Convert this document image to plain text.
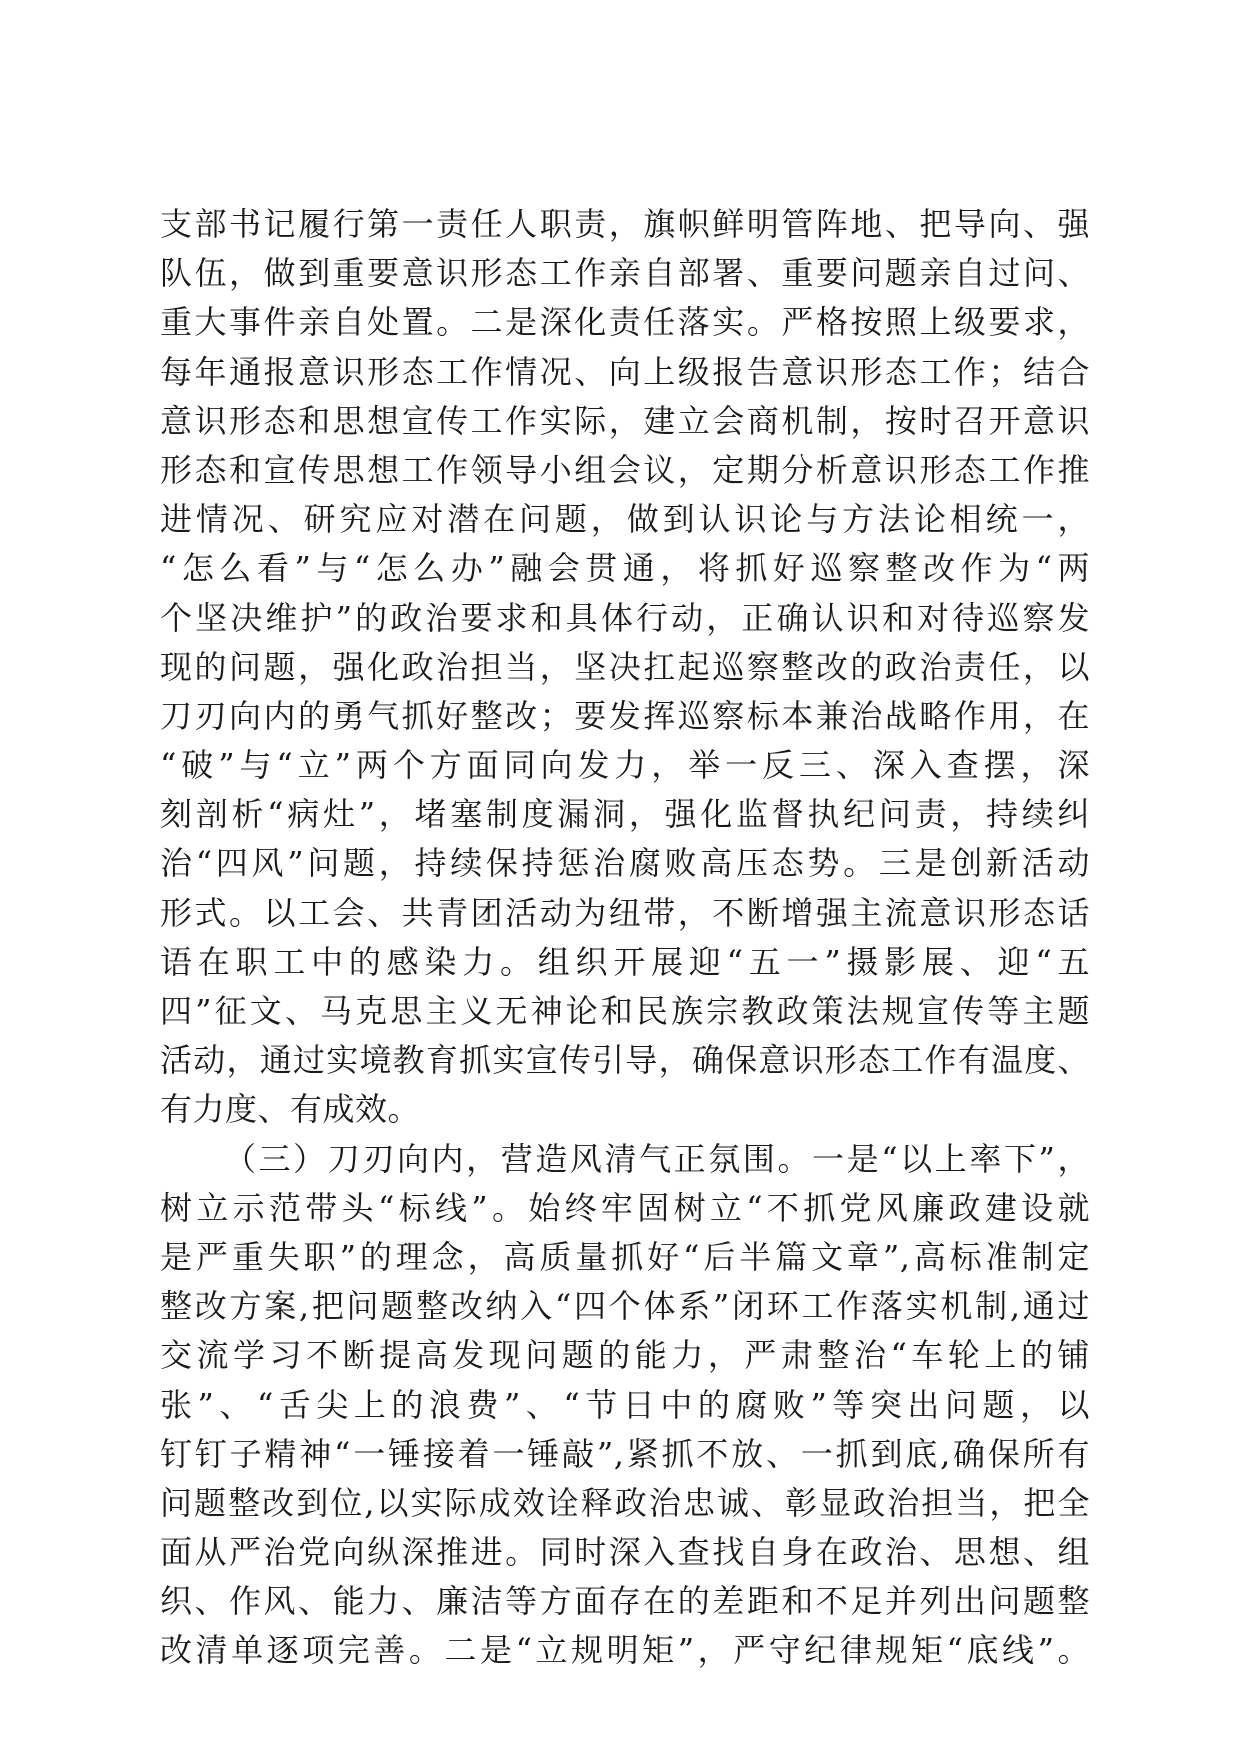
支部书记履行第一责任人职责，旗帜鲜明管阵地、把导向、强
队伍，做到重要意识形态工作亲自部署、重要问题亲自过问、
重大事件亲自处置。二是深化责任落实。严格按照上级要求，
每年通报意识形态工作情况、向上级报告意识形态工作；结合
意识形态和思想宣传工作实际，建立会商机制，按时召开意识
形态和宣传思想工作领导小组会议，定期分析意识形态工作推
进情况、研究应对潜在问题，做到认识论与方法论相统一，
“怎么看”与“怎么办”融会贯通，将抓好巡察整改作为“两
个坚决维护”的政治要求和具体行动，正确认识和对待巡察发
现的问题，强化政治担当，坚决扛起巡察整改的政治责任，以
刀刃向内的勇气抓好整改；要发挥巡察标本兼治战略作用，在
“破”与“立”两个方面同向发力，举一反三、深入查摆，深
刻剖析“病灶”，堵塞制度漏洞，强化监督执纪问责，持续纠
治“四风”问题，持续保持惩治腐败高压态势。三是创新活动
形式。以工会、共青团活动为纽带，不断增强主流意识形态话
语在职工中的感染力。组织开展迎“五一”摄影展、迎“五
四”征文、马克思主义无神论和民族宗教政策法规宣传等主题
活动，通过实境教育抓实宣传引导，确保意识形态工作有温度、
有力度、有成效。
（三）刀刃向内，营造风清气正氛围。一是“以上率下”，
树立示范带头“标线”。始终牢固树立“不抓党风廉政建设就
是严重失职”的理念，高质量抓好“后半篇文章”,高标准制定
整改方案,把问题整改纳入“四个体系”闭环工作落实机制,通过
交流学习不断提高发现问题的能力，严肃整治“车轮上的铺
张”、“舌尖上的浪费”、“节日中的腐败”等突出问题，以
钉钉子精神“一锤接着一锤敲”,紧抓不放、一抓到底,确保所有
问题整改到位,以实际成效诠释政治忠诚、彰显政治担当，把全
面从严治党向纵深推进。同时深入查找自身在政治、思想、组
织、作风、能力、廉洁等方面存在的差距和不足并列出问题整
改清单逐项完善。二是“立规明矩”，严守纪律规矩“底线”。
